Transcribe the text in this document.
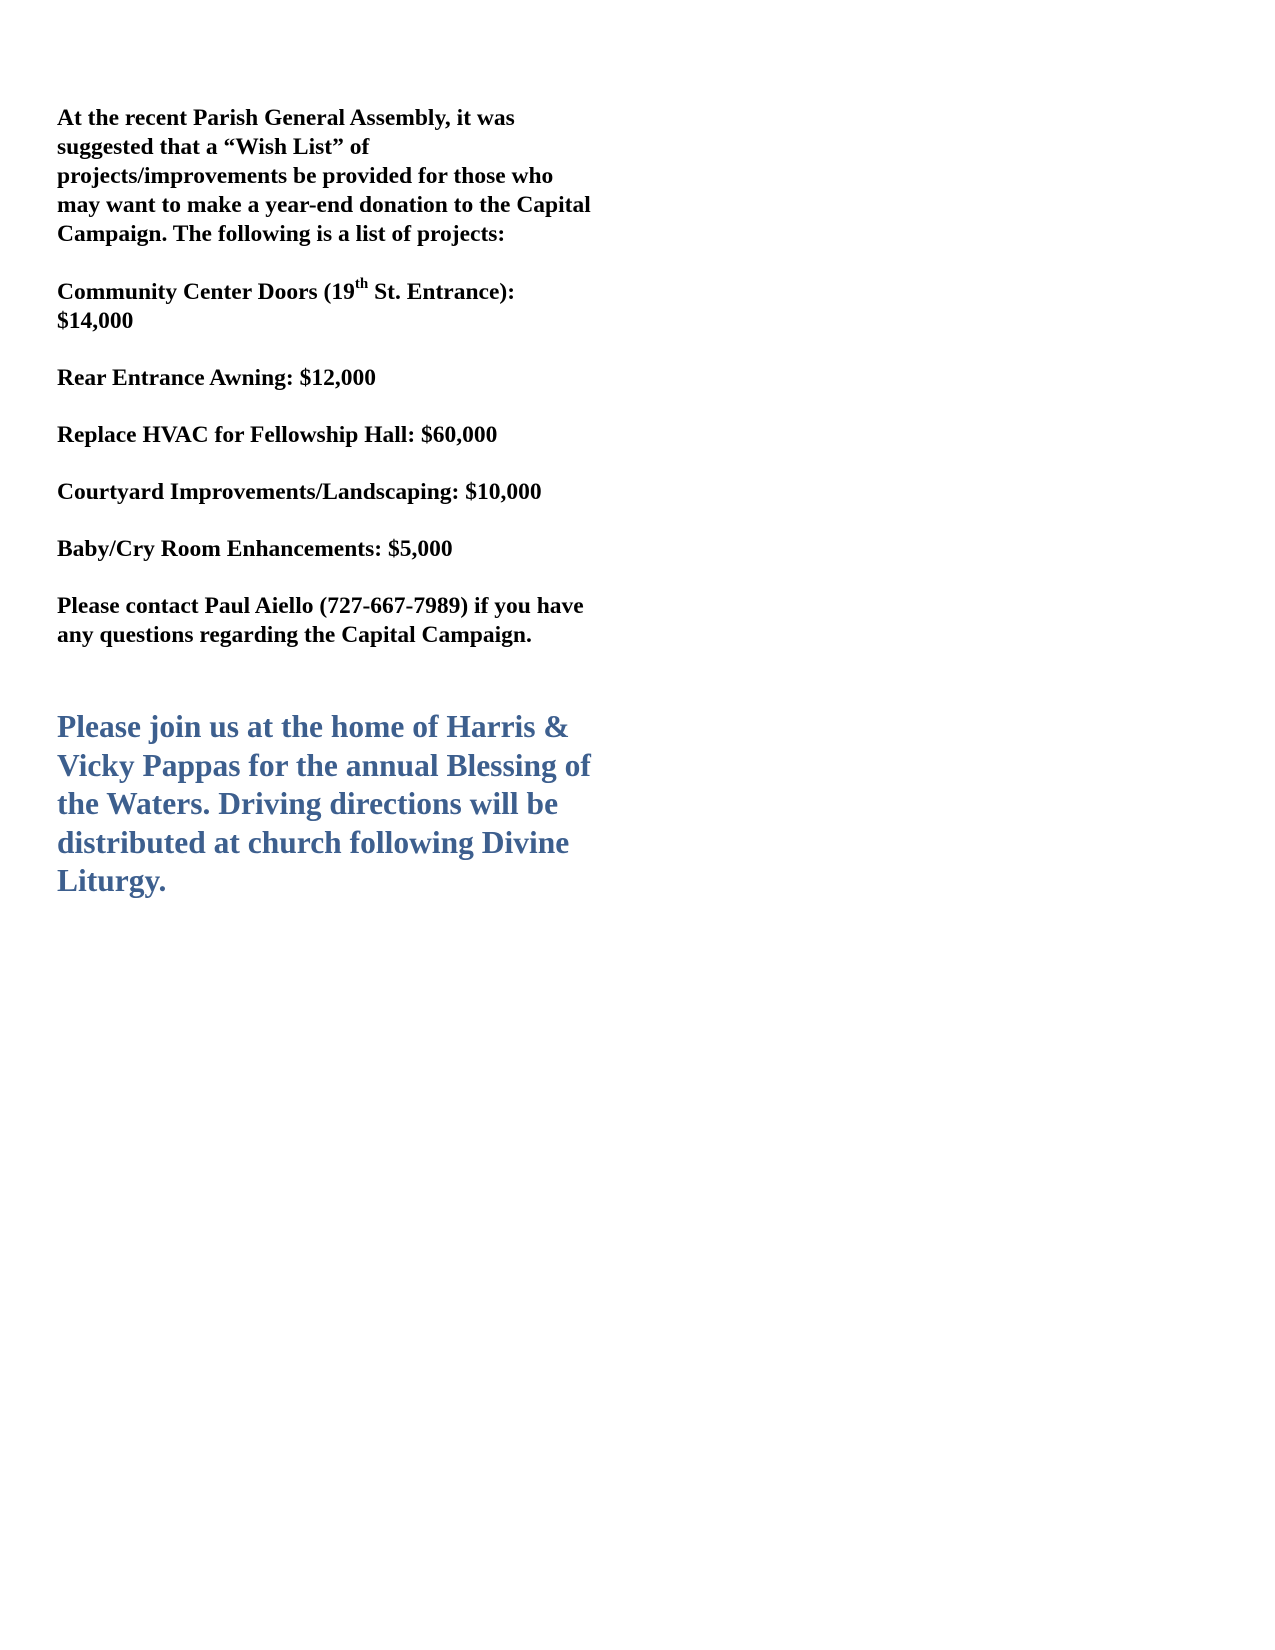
At the recent Parish General Assembly, it was suggested that a “Wish List” of projects/improvements be provided for those who may want to make a year-end donation to the Capital Campaign. The following is a list of projects:

Community Center Doors (19th St. Entrance):
$14,000

Rear Entrance Awning: $12,000

Replace HVAC for Fellowship Hall: $60,000

Courtyard Improvements/Landscaping: $10,000

Baby/Cry Room Enhancements: $5,000

Please contact Paul Aiello (727-667-7989) if you have any questions regarding the Capital Campaign.

Please join us at the home of Harris & Vicky Pappas for the annual Blessing of the Waters. Driving directions will be distributed at church following Divine Liturgy.
